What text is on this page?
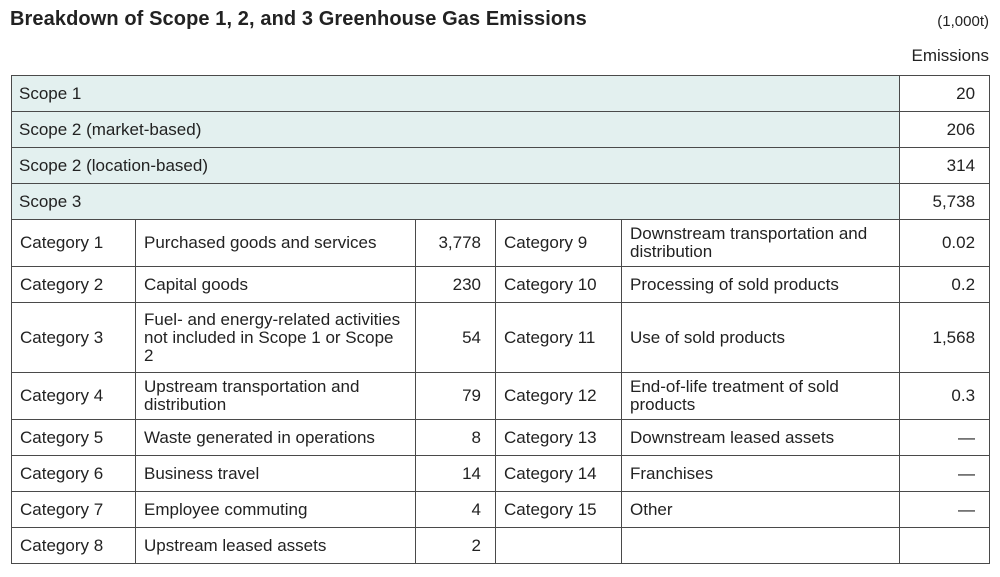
Breakdown of Scope 1, 2, and 3 Greenhouse Gas Emissions	(1,000t)
Emissions
Scope 1					20
Scope 2 (market-based)					206
Scope 2 (location-based)					314
Scope 3					5,738
Category 1	Purchased goods and services	3,778	Category 9	Downstream transportation and distribution	0.02
Category 2	Capital goods	230	Category 10	Processing of sold products	0.2
Category 3	Fuel- and energy-related activities not included in Scope 1 or Scope 2	54	Category 11	Use of sold products	1,568
Category 4	Upstream transportation and distribution	79	Category 12	End-of-life treatment of sold products	0.3
Category 5	Waste generated in operations	8	Category 13	Downstream leased assets	—
Category 6	Business travel	14	Category 14	Franchises	—
Category 7	Employee commuting	4	Category 15	Other	—
Category 8	Upstream leased assets	2			
